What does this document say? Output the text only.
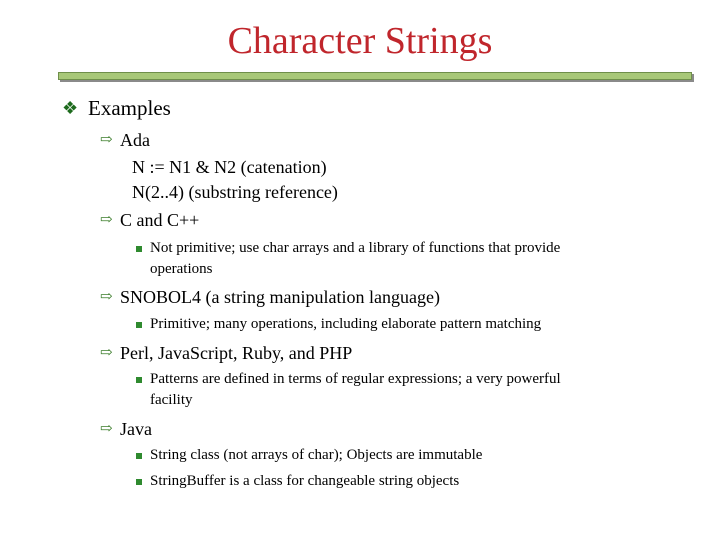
Character Strings
❖ Examples
⇨ Ada
N := N1 & N2 (catenation)
N(2..4) (substring reference)
⇨ C and C++
Not primitive; use char arrays and a library of functions that provide
operations
⇨ SNOBOL4 (a string manipulation language)
Primitive; many operations, including elaborate pattern matching
⇨ Perl, JavaScript, Ruby, and PHP
Patterns are defined in terms of regular expressions; a very powerful
facility
⇨ Java
String class (not arrays of char); Objects are immutable
StringBuffer is a class for changeable string objects
